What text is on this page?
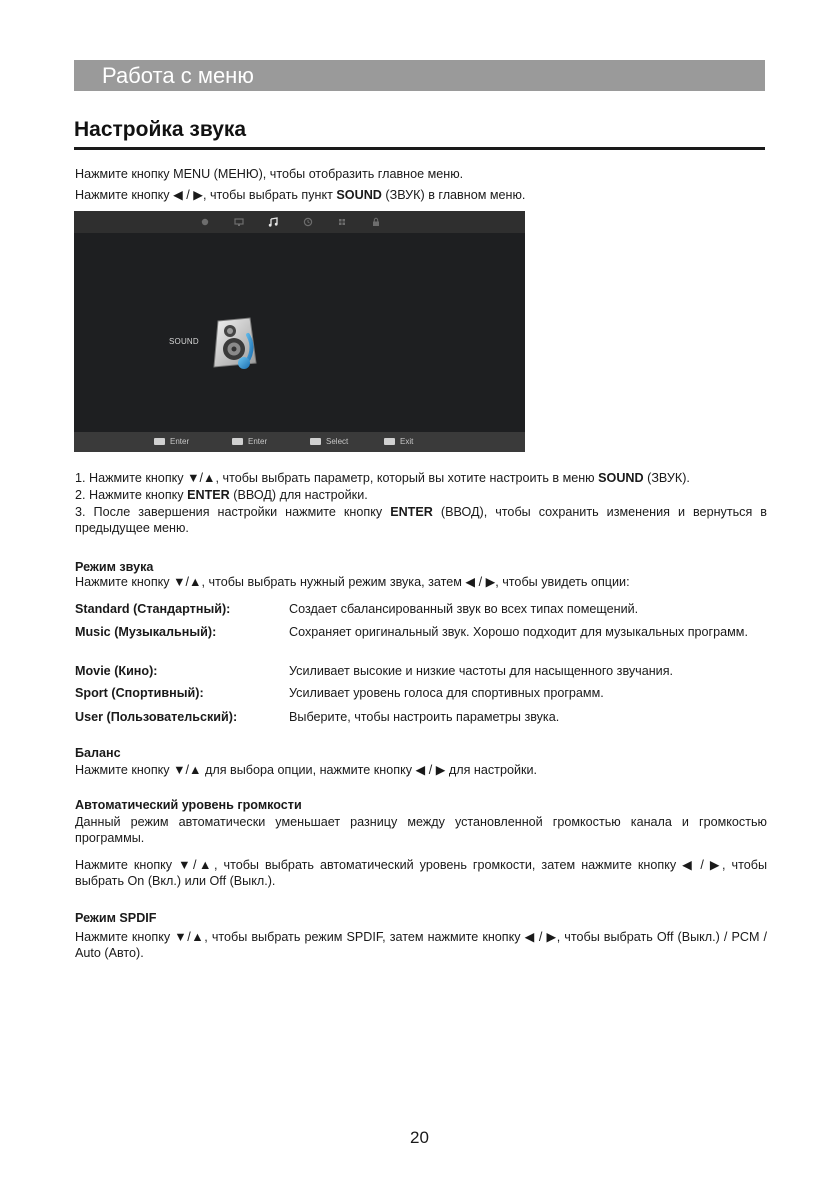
Работа с меню
Настройка звука
Нажмите кнопку MENU (МЕНЮ), чтобы отобразить главное меню.
Нажмите кнопку ◀ / ▶, чтобы выбрать пункт SOUND (ЗВУК) в главном меню.
SOUND
Enter	Enter	Select	Exit
1. Нажмите кнопку ▼/▲, чтобы выбрать параметр, который вы хотите настроить в меню SOUND (ЗВУК).
2. Нажмите кнопку ENTER (ВВОД) для настройки.
3. После завершения настройки нажмите кнопку ENTER (ВВОД), чтобы сохранить изменения и вернуться в предыдущее меню.
Режим звука
Нажмите кнопку ▼/▲, чтобы выбрать нужный режим звука, затем ◀ / ▶, чтобы увидеть опции:
Standard (Стандартный):	Создает сбалансированный звук во всех типах помещений.
Music (Музыкальный):	Сохраняет оригинальный звук. Хорошо подходит для музыкальных программ.
Movie (Кино):	Усиливает высокие и низкие частоты для насыщенного звучания.
Sport (Спортивный):	Усиливает уровень голоса для спортивных программ.
User (Пользовательский):	Выберите, чтобы настроить параметры звука.
Баланс
Нажмите кнопку ▼/▲ для выбора опции, нажмите кнопку ◀ / ▶ для настройки.
Автоматический уровень громкости
Данный режим автоматически уменьшает разницу между установленной громкостью канала и громкостью программы.
Нажмите кнопку ▼/▲, чтобы выбрать автоматический уровень громкости, затем нажмите кнопку ◀ / ▶, чтобы выбрать On (Вкл.) или Off (Выкл.).
Режим SPDIF
Нажмите кнопку ▼/▲, чтобы выбрать режим SPDIF, затем нажмите кнопку ◀ / ▶, чтобы выбрать Off (Выкл.) / PCM / Auto (Авто).
20
